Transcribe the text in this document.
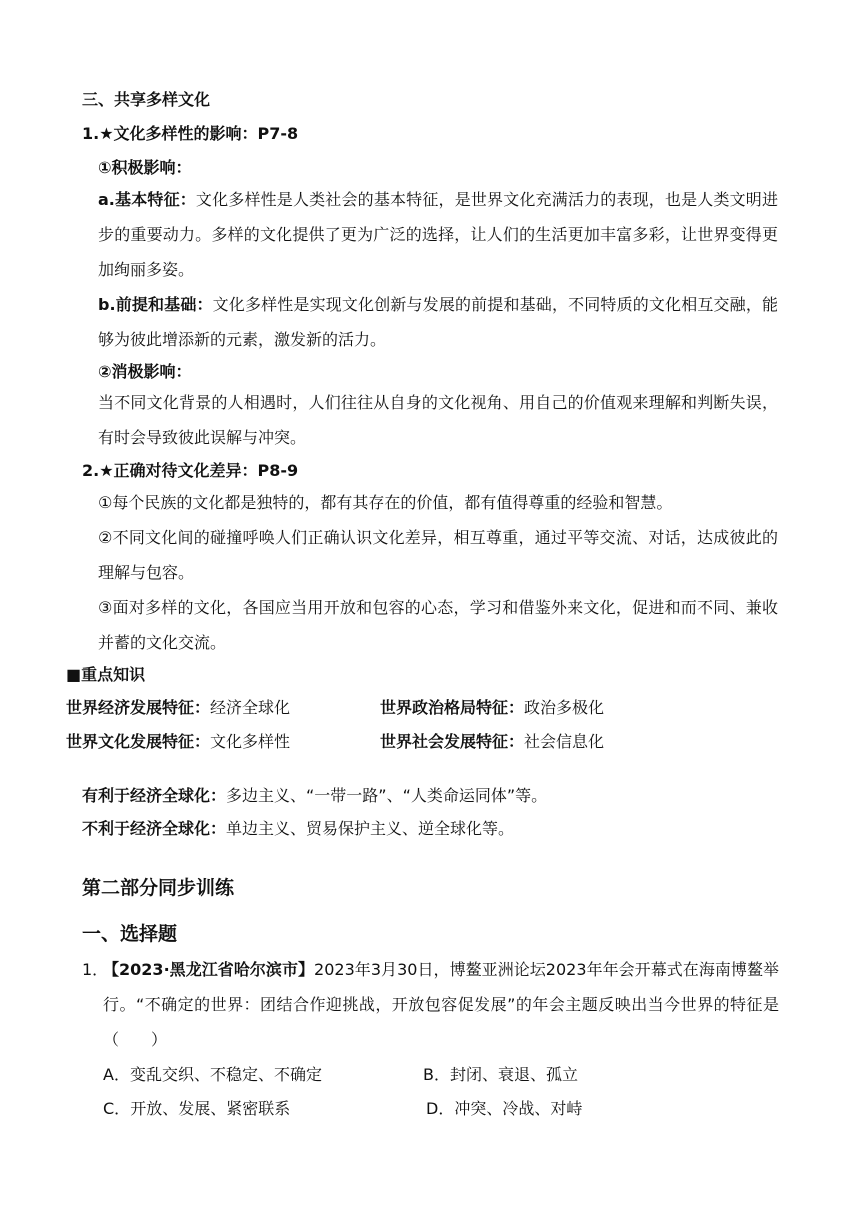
三、共享多样文化
1.★文化多样性的影响：P7-8
①积极影响：
a.基本特征：文化多样性是人类社会的基本特征，是世界文化充满活力的表现，也是人类文明进步的重要动力。多样的文化提供了更为广泛的选择，让人们的生活更加丰富多彩，让世界变得更加绚丽多姿。
b.前提和基础：文化多样性是实现文化创新与发展的前提和基础，不同特质的文化相互交融，能够为彼此增添新的元素，激发新的活力。
②消极影响：
当不同文化背景的人相遇时，人们往往从自身的文化视角、用自己的价值观来理解和判断失误，有时会导致彼此误解与冲突。
2.★正确对待文化差异：P8-9
①每个民族的文化都是独特的，都有其存在的价值，都有值得尊重的经验和智慧。
②不同文化间的碰撞呼唤人们正确认识文化差异，相互尊重，通过平等交流、对话，达成彼此的理解与包容。
③面对多样的文化，各国应当用开放和包容的心态，学习和借鉴外来文化，促进和而不同、兼收并蓄的文化交流。
■重点知识
世界经济发展特征：经济全球化	世界政治格局特征：政治多极化
世界文化发展特征：文化多样性	世界社会发展特征：社会信息化
有利于经济全球化：多边主义、“一带一路”、“人类命运同体”等。
不利于经济全球化：单边主义、贸易保护主义、逆全球化等。
第二部分同步训练
一、选择题
1．
【2023·黑龙江省哈尔滨市】2023年3月30日，博鳌亚洲论坛2023年年会开幕式在海南博鳌举行。“不确定的世界：团结合作迎挑战，开放包容促发展”的年会主题反映出当今世界的特征是（　　）
A．变乱交织、不稳定、不确定	B．封闭、衰退、孤立
C．开放、发展、紧密联系	D．冲突、冷战、对峙
